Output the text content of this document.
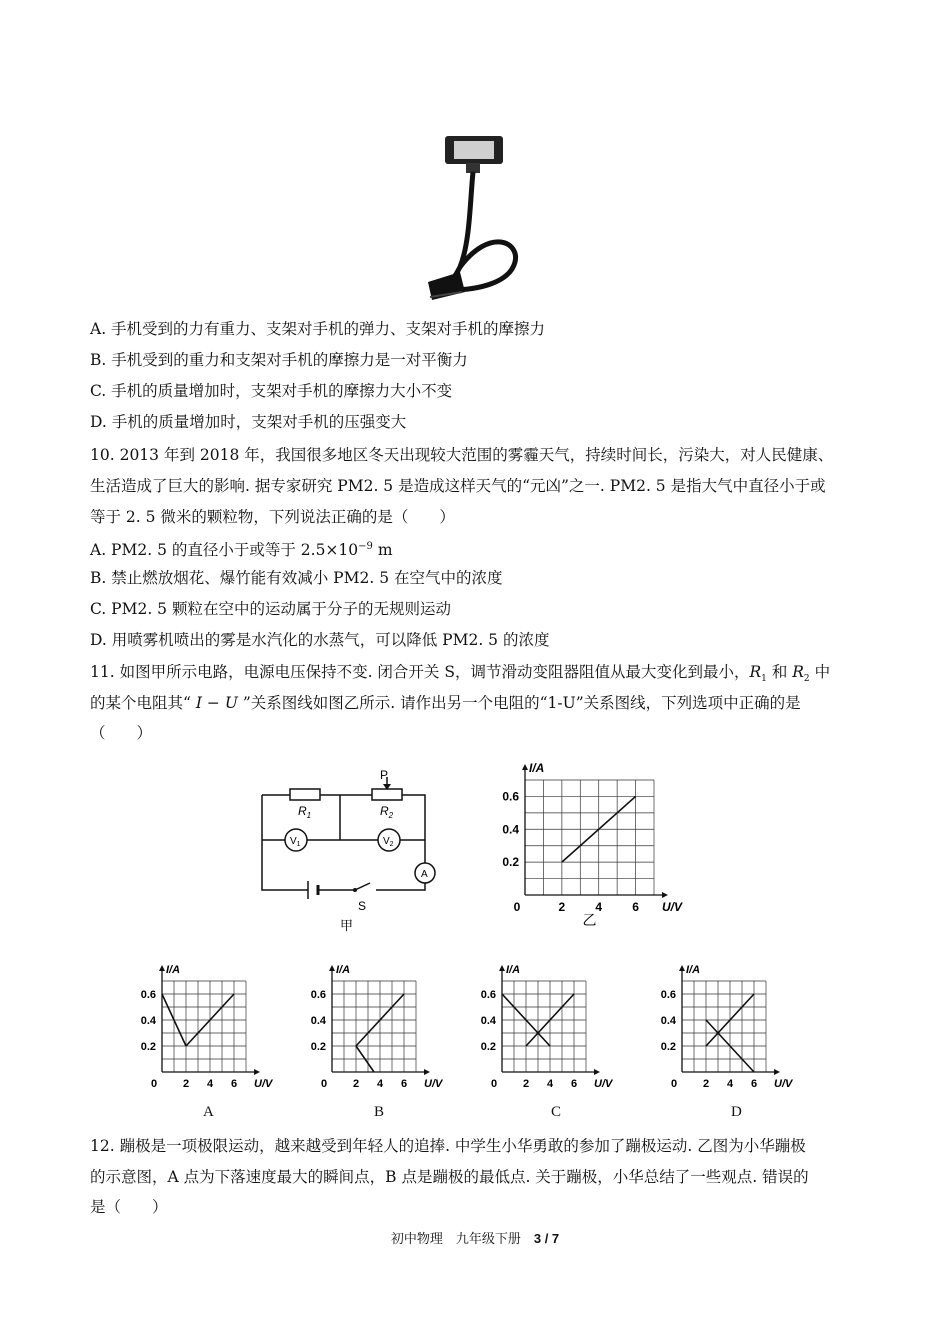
A. 手机受到的力有重力、支架对手机的弹力、支架对手机的摩擦力
B. 手机受到的重力和支架对手机的摩擦力是一对平衡力
C. 手机的质量增加时，支架对手机的摩擦力大小不变
D. 手机的质量增加时，支架对手机的压强变大
10. 2013 年到 2018 年，我国很多地区冬天出现较大范围的雾霾天气，持续时间长，污染大，对人民健康、
生活造成了巨大的影响. 据专家研究 PM2. 5 是造成这样天气的“元凶”之一. PM2. 5 是指大气中直径小于或
等于 2. 5 微米的颗粒物，下列说法正确的是（　　）
A. PM2. 5 的直径小于或等于 $2.5\times 10^{-9}$ m
B. 禁止燃放烟花、爆竹能有效减小 PM2. 5 在空气中的浓度
C. PM2. 5 颗粒在空中的运动属于分子的无规则运动
D. 用喷雾机喷出的雾是水汽化的水蒸气，可以降低 PM2. 5 的浓度
11. 如图甲所示电路，电源电压保持不变. 闭合开关 S，调节滑动变阻器阻值从最大变化到最小，$R_1$ 和 $R_2$ 中
的某个电阻其“ I − U ”关系图线如图乙所示. 请作出另一个电阻的“1-U”关系图线，下列选项中正确的是
（　　）
P
$R_1$	$R_2$
$V_1$	$V_2$
A
S
甲
I/A
U/V
0.6
0.4
0.2
0	2	4	6
乙
I/A
U/V
0.6
0.4
0.2
0 2 4 6
I/A
U/V
0.6
0.4
0.2
0 2 4 6
I/A
U/V
0.6
0.4
0.2
0 2 4 6
I/A
U/V
0.6
0.4
0.2
0 2 4 6
A	B	C	D
12. 蹦极是一项极限运动，越来越受到年轻人的追捧. 中学生小华勇敢的参加了蹦极运动. 乙图为小华蹦极
的示意图，A 点为下落速度最大的瞬间点，B 点是蹦极的最低点. 关于蹦极，小华总结了一些观点. 错误的
是（　　）
初中物理　九年级下册　 3 / 7
